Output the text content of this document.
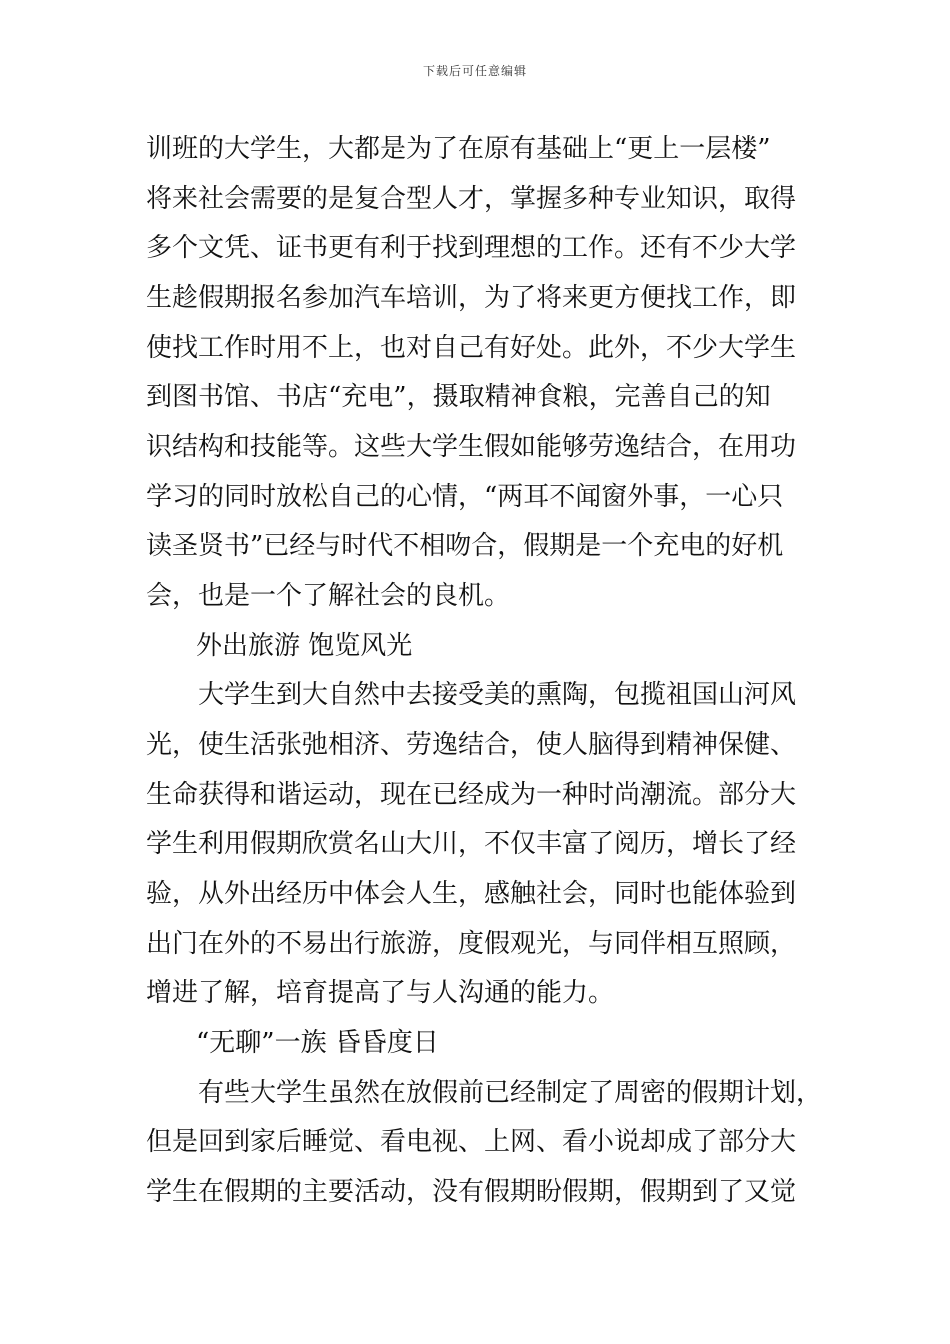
下载后可任意编辑
训班的大学生，大都是为了在原有基础上“更上一层楼”
将来社会需要的是复合型人才，掌握多种专业知识，取得
多个文凭、证书更有利于找到理想的工作。还有不少大学
生趁假期报名参加汽车培训，为了将来更方便找工作，即
使找工作时用不上，也对自己有好处。此外，不少大学生
到图书馆、书店“充电”，摄取精神食粮，完善自己的知
识结构和技能等。这些大学生假如能够劳逸结合，在用功
学习的同时放松自己的心情，“两耳不闻窗外事，一心只
读圣贤书”已经与时代不相吻合，假期是一个充电的好机
会，也是一个了解社会的良机。
外出旅游 饱览风光
大学生到大自然中去接受美的熏陶，包揽祖国山河风
光，使生活张弛相济、劳逸结合，使人脑得到精神保健、
生命获得和谐运动，现在已经成为一种时尚潮流。部分大
学生利用假期欣赏名山大川，不仅丰富了阅历，增长了经
验，从外出经历中体会人生，感触社会，同时也能体验到
出门在外的不易出行旅游，度假观光，与同伴相互照顾，
增进了解，培育提高了与人沟通的能力。
“无聊”一族 昏昏度日
有些大学生虽然在放假前已经制定了周密的假期计划，
但是回到家后睡觉、看电视、上网、看小说却成了部分大
学生在假期的主要活动，没有假期盼假期，假期到了又觉
